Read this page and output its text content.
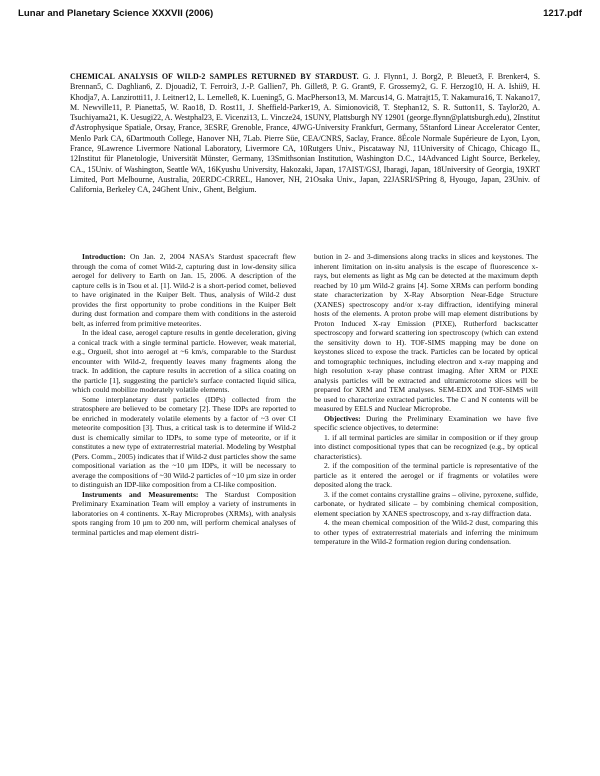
Lunar and Planetary Science XXXVII (2006)	1217.pdf
CHEMICAL ANALYSIS OF WILD-2 SAMPLES RETURNED BY STARDUST. G. J. Flynn1, J. Borg2, P. Bleuet3, F. Brenker4, S. Brennan5, C. Daghlian6, Z. Djouadi2, T. Ferroir3, J.-P. Gallien7, Ph. Gillet8, P. G. Grant9, F. Grossemy2, G. F. Herzog10, H. A. Ishii9, H. Khodja7, A. Lanzirotti11, J. Leitner12, L. Lemelle8, K. Luening5, G. MacPherson13, M. Marcus14, G. Matrajt15, T. Nakamura16, T. Nakano17, M. Newville11, P. Pianetta5, W. Rao18, D. Rost11, J. Sheffield-Parker19, A. Simionovici8, T. Stephan12, S. R. Sutton11, S. Taylor20, A. Tsuchiyama21, K. Uesugi22, A. Westphal23, E. Vicenzi13, L. Vincze24, 1SUNY, Plattsburgh NY 12901 (george.flynn@plattsburgh.edu), 2Institut d'Astrophysique Spatiale, Orsay, France, 3ESRF, Grenoble, France, 4JWG-University Frankfurt, Germany, 5Stanford Linear Accelerator Center, Menlo Park CA, 6Dartmouth College, Hanover NH, 7Lab. Pierre Süe, CEA/CNRS, Saclay, France. 8École Normale Supérieure de Lyon, Lyon, France, 9Lawrence Livermore National Laboratory, Livermore CA, 10Rutgers Univ., Piscataway NJ, 11University of Chicago, Chicago IL, 12Institut für Planetologie, Universität Münster, Germany, 13Smithsonian Institution, Washington D.C., 14Advanced Light Source, Berkeley, CA., 15Univ. of Washington, Seattle WA, 16Kyushu University, Hakozaki, Japan, 17AIST/GSJ, Ibaragi, Japan, 18University of Georgia, 19XRT Limited, Port Melbourne, Australia, 20ERDC-CRREL, Hanover, NH, 21Osaka Univ., Japan, 22JASRI/SPring 8, Hyougo, Japan, 23Univ. of California, Berkeley CA, 24Ghent Univ., Ghent, Belgium.

Introduction: On Jan. 2, 2004 NASA's Stardust spacecraft flew through the coma of comet Wild-2, capturing dust in low-density silica aerogel for delivery to Earth on Jan. 15, 2006. A description of the capture cells is in Tsou et al. [1]. Wild-2 is a short-period comet, believed to have originated in the Kuiper Belt. Thus, analysis of Wild-2 dust provides the first opportunity to probe conditions in the Kuiper Belt during dust formation and compare them with conditions in the asteroid belt, as inferred from primitive meteorites.

In the ideal case, aerogel capture results in gentle deceleration, giving a conical track with a single terminal particle. However, weak material, e.g., Orgueil, shot into aerogel at ~6 km/s, comparable to the Stardust encounter with Wild-2, frequently leaves many fragments along the track. In addition, the capture results in accretion of a silica coating on the particle [1], suggesting the particle's surface contacted liquid silica, which could mobilize moderately volatile elements.

Some interplanetary dust particles (IDPs) collected from the stratosphere are believed to be cometary [2]. These IDPs are reported to be enriched in moderately volatile elements by a factor of ~3 over CI meteorite composition [3]. Thus, a critical task is to determine if Wild-2 dust is chemically similar to IDPs, to some type of meteorite, or if it constitutes a new type of extraterrestrial material. Modeling by Westphal (Pers. Comm., 2005) indicates that if Wild-2 dust particles show the same compositional variation as the ~10 µm IDPs, it will be necessary to average the compositions of ~30 Wild-2 particles of ~10 µm size in order to distinguish an IDP-like composition from a CI-like composition.

Instruments and Measurements: The Stardust Composition Preliminary Examination Team will employ a variety of instruments in laboratories on 4 continents. X-Ray Microprobes (XRMs), with analysis spots ranging from 10 µm to 200 nm, will perform chemical analyses of terminal particles and map element distri-

bution in 2- and 3-dimensions along tracks in slices and keystones. The inherent limitation on in-situ analysis is the escape of fluorescence x-rays, but elements as light as Mg can be detected at the maximum depth reached by 10 µm Wild-2 grains [4]. Some XRMs can perform bonding state characterization by X-Ray Absorption Near-Edge Structure (XANES) spectroscopy and/or x-ray diffraction, identifying mineral hosts of the elements. A proton probe will map element distributions by Proton Induced X-ray Emission (PIXE), Rutherford backscatter spectroscopy and forward scattering ion spectroscopy (which can extend the sensitivity down to H). TOF-SIMS mapping may be done on keystones sliced to expose the track. Particles can be located by optical and tomographic techniques, including electron and x-ray mapping and high resolution x-ray phase contrast imaging. After XRM or PIXE analysis particles will be extracted and ultramicrotome slices will be prepared for XRM and TEM analyses. SEM-EDX and TOF-SIMS will be used to characterize extracted particles. The C and N contents will be measured by EELS and Nuclear Microprobe.

Objectives: During the Preliminary Examination we have five specific science objectives, to determine:

1. if all terminal particles are similar in composition or if they group into distinct compositional types that can be recognized (e.g., by optical characteristics).

2. if the composition of the terminal particle is representative of the particle as it entered the aerogel or if fragments or volatiles were deposited along the track.

3. if the comet contains crystalline grains – olivine, pyroxene, sulfide, carbonate, or hydrated silicate – by combining chemical composition, element speciation by XANES spectroscopy, and x-ray diffraction data.

4. the mean chemical composition of the Wild-2 dust, comparing this to other types of extraterrestrial materials and inferring the minimum temperature in the Wild-2 formation region during condensation.
